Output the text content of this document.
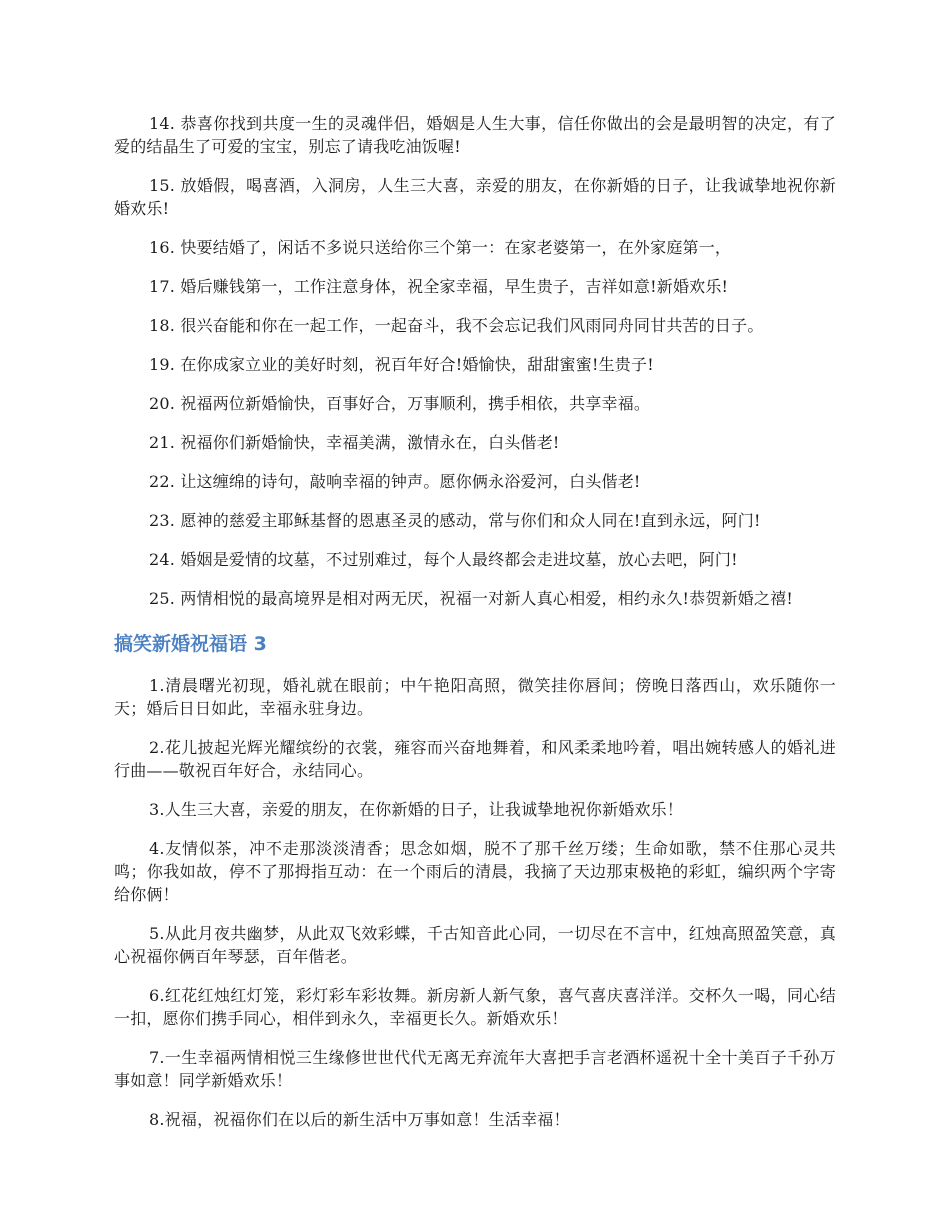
14. 恭喜你找到共度一生的灵魂伴侣，婚姻是人生大事，信任你做出的会是最明智的决定，有了爱的结晶生了可爱的宝宝，别忘了请我吃油饭喔!

15. 放婚假，喝喜酒，入洞房，人生三大喜，亲爱的朋友，在你新婚的日子，让我诚挚地祝你新婚欢乐!

16. 快要结婚了，闲话不多说只送给你三个第一：在家老婆第一，在外家庭第一，

17. 婚后赚钱第一，工作注意身体，祝全家幸福，早生贵子，吉祥如意!新婚欢乐!

18. 很兴奋能和你在一起工作，一起奋斗，我不会忘记我们风雨同舟同甘共苦的日子。

19. 在你成家立业的美好时刻，祝百年好合!婚愉快，甜甜蜜蜜!生贵子!

20. 祝福两位新婚愉快，百事好合，万事顺利，携手相依，共享幸福。

21. 祝福你们新婚愉快，幸福美满，激情永在，白头偕老!

22. 让这缠绵的诗句，敲响幸福的钟声。愿你俩永浴爱河，白头偕老!

23. 愿神的慈爱主耶稣基督的恩惠圣灵的感动，常与你们和众人同在!直到永远，阿门!

24. 婚姻是爱情的坟墓，不过别难过，每个人最终都会走进坟墓，放心去吧，阿门!

25. 两情相悦的最高境界是相对两无厌，祝福一对新人真心相爱，相约永久!恭贺新婚之禧!

搞笑新婚祝福语 3

1.清晨曙光初现，婚礼就在眼前；中午艳阳高照，微笑挂你唇间；傍晚日落西山，欢乐随你一天；婚后日日如此，幸福永驻身边。

2.花儿披起光辉光耀缤纷的衣裳，雍容而兴奋地舞着，和风柔柔地吟着，唱出婉转感人的婚礼进行曲——敬祝百年好合，永结同心。

3.人生三大喜，亲爱的朋友，在你新婚的日子，让我诚挚地祝你新婚欢乐！

4.友情似茶，冲不走那淡淡清香；思念如烟，脱不了那千丝万缕；生命如歌，禁不住那心灵共鸣；你我如故，停不了那拇指互动：在一个雨后的清晨，我摘了天边那束极艳的彩虹，编织两个字寄给你俩！

5.从此月夜共幽梦，从此双飞效彩蝶，千古知音此心同，一切尽在不言中，红烛高照盈笑意，真心祝福你俩百年琴瑟，百年偕老。

6.红花红烛红灯笼，彩灯彩车彩妆舞。新房新人新气象，喜气喜庆喜洋洋。交杯久一喝，同心结一扣，愿你们携手同心，相伴到永久，幸福更长久。新婚欢乐！

7.一生幸福两情相悦三生缘修世世代代无离无弃流年大喜把手言老酒杯遥祝十全十美百子千孙万事如意！同学新婚欢乐！

8.祝福，祝福你们在以后的新生活中万事如意！生活幸福！
